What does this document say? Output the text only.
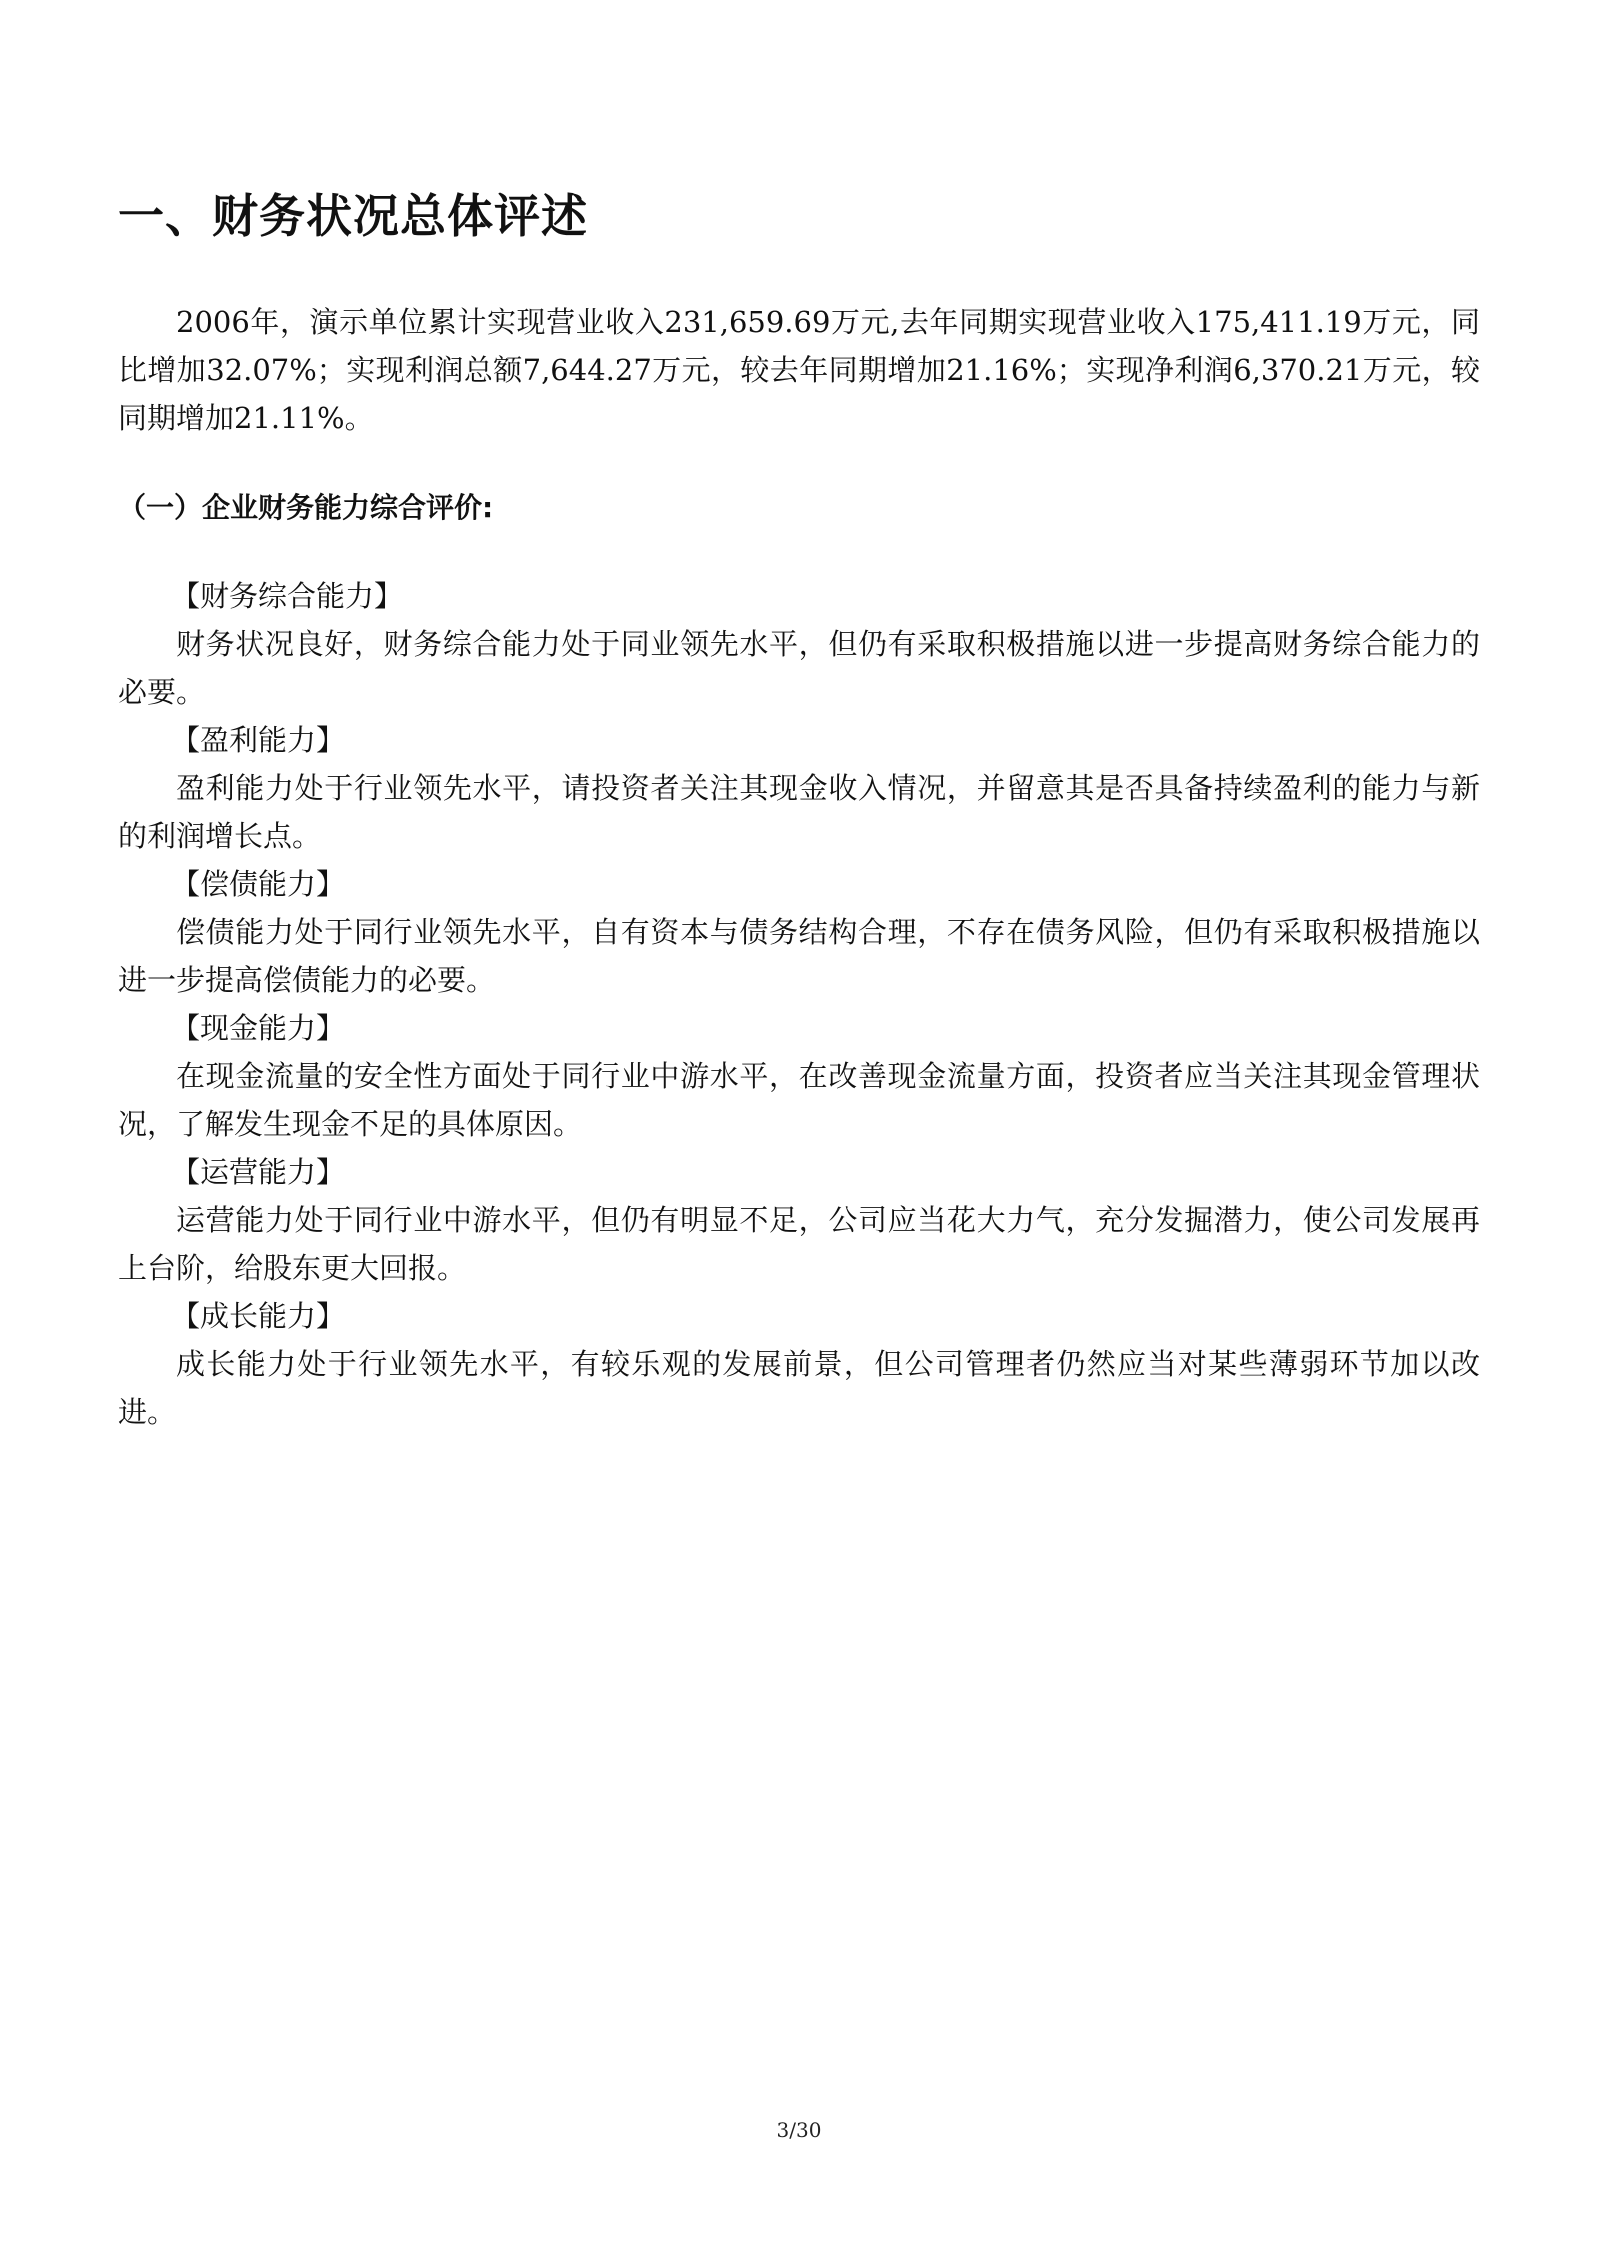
一、财务状况总体评述

2006年，演示单位累计实现营业收入231,659.69万元,去年同期实现营业收入175,411.19万元，同比增加32.07%；实现利润总额7,644.27万元，较去年同期增加21.16%；实现净利润6,370.21万元，较同期增加21.11%。

（一）企业财务能力综合评价:

【财务综合能力】

财务状况良好，财务综合能力处于同业领先水平，但仍有采取积极措施以进一步提高财务综合能力的必要。

【盈利能力】

盈利能力处于行业领先水平，请投资者关注其现金收入情况，并留意其是否具备持续盈利的能力与新的利润增长点。

【偿债能力】

偿债能力处于同行业领先水平，自有资本与债务结构合理，不存在债务风险，但仍有采取积极措施以进一步提高偿债能力的必要。

【现金能力】

在现金流量的安全性方面处于同行业中游水平，在改善现金流量方面，投资者应当关注其现金管理状况，了解发生现金不足的具体原因。

【运营能力】

运营能力处于同行业中游水平，但仍有明显不足，公司应当花大力气，充分发掘潜力，使公司发展再上台阶，给股东更大回报。

【成长能力】

成长能力处于行业领先水平，有较乐观的发展前景，但公司管理者仍然应当对某些薄弱环节加以改进。

3/30
